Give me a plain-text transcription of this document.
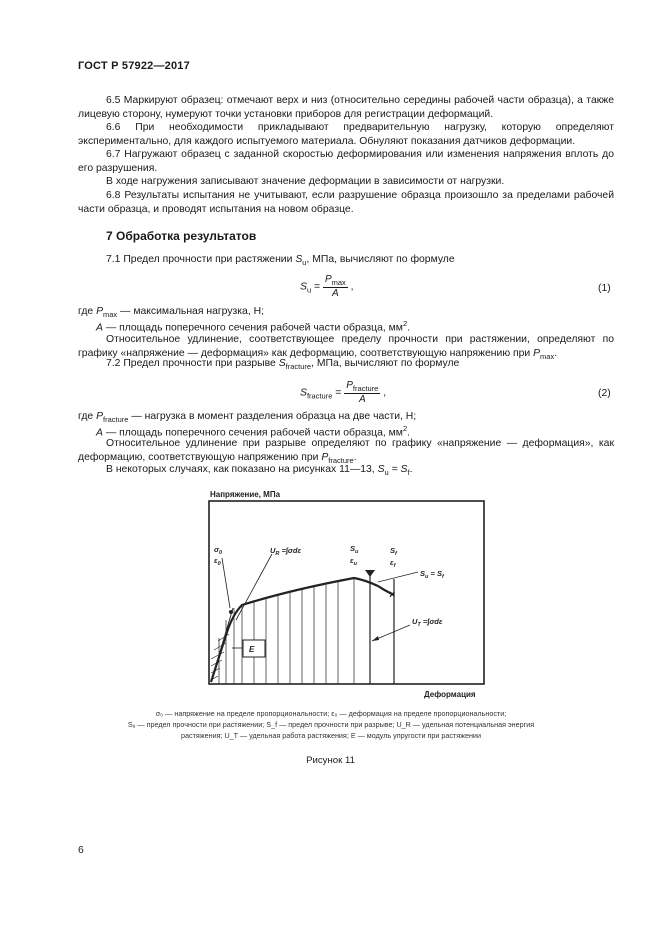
ГОСТ Р 57922—2017
6.5 Маркируют образец: отмечают верх и низ (относительно середины рабочей части образца), а также лицевую сторону, нумеруют точки установки приборов для регистрации деформаций.
6.6 При необходимости прикладывают предварительную нагрузку, которую определяют экспериментально, для каждого испытуемого материала. Обнуляют показания датчиков деформации.
6.7 Нагружают образец с заданной скоростью деформирования или изменения напряжения вплоть до его разрушения.
В ходе нагружения записывают значение деформации в зависимости от нагрузки.
6.8 Результаты испытания не учитывают, если разрушение образца произошло за пределами рабочей части образца, и проводят испытания на новом образце.
7 Обработка результатов
7.1 Предел прочности при растяжении $S_u$, МПа, вычисляют по формуле
$S_u = \frac{P_{max}}{A}$ ,	(1)
где $P_{max}$ — максимальная нагрузка, Н;
A — площадь поперечного сечения рабочей части образца, $мм^2$.
Относительное удлинение, соответствующее пределу прочности при растяжении, определяют по графику «напряжение — деформация» как деформацию, соответствующую напряжению при $P_{max}$.
7.2 Предел прочности при разрыве $S_{fracture}$, МПа, вычисляют по формуле
$S_{fracture} = \frac{P_{fracture}}{A}$ ,	(2)
где $P_{fracture}$ — нагрузка в момент разделения образца на две части, Н;
A — площадь поперечного сечения рабочей части образца, $мм^2$.
Относительное удлинение при разрыве определяют по графику «напряжение — деформация», как деформацию, соответствующую напряжению при $P_{fracture}$.
В некоторых случаях, как показано на рисунках 11—13, $S_u = S_f$.
Напряжение, МПа
×
E
$\sigma_0$
$\varepsilon_0$
$U_R =\int\sigma d\varepsilon$	$S_u$
$\varepsilon_u$
$S_f$
$\varepsilon_f$
$S_u = S_f$
$U_T =\int\sigma d\varepsilon$
Деформация
σ₀ — напряжение на пределе пропорциональности; ε₀ — деформация на пределе пропорциональности;
Sᵤ — предел прочности при растяжении; S_f — предел прочности при разрыве; U_R — удельная потенциальная энергия
растяжения; U_T — удельная работа растяжения; E — модуль упругости при растяжении
Рисунок 11
6
